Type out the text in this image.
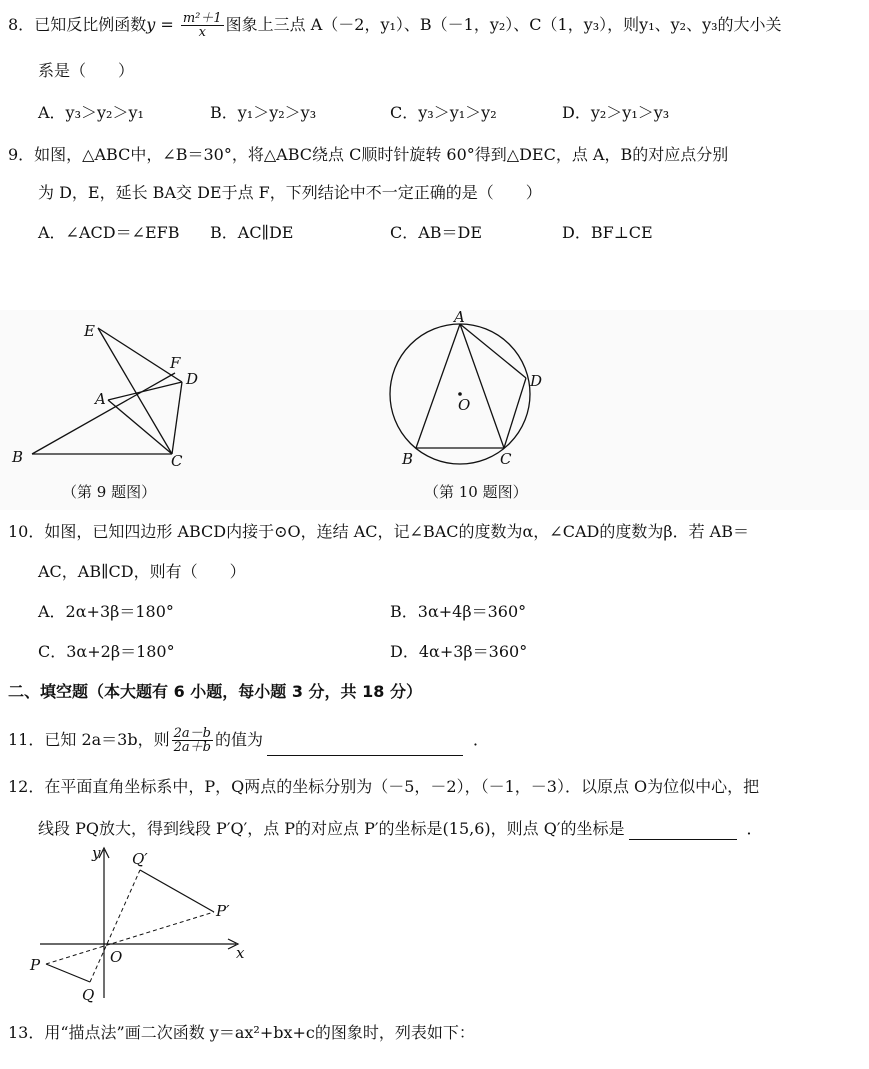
8．已知反比例函数$y = \frac{\text{m²＋1}}{x}$ 图象上三点 A（－2，y₁）、B（－1，y₂）、C（1，y₃），则y₁、y₂、y₃的大小关
系是（　　）
A．y₃＞y₂＞y₁	B．y₁＞y₂＞y₃	C．y₃＞y₁＞y₂	D．y₂＞y₁＞y₃
9．如图，△ABC中，∠B＝30°，将△ABC绕点 C顺时针旋转 60°得到△DEC，点 A，B的对应点分别
为 D，E，延长 BA交 DE于点 F，下列结论中不一定正确的是（　　）
A．∠ACD＝∠EFB B．AC∥DE	C．AB＝DE	D．BF⊥CE
E
F
D
A
B	C
（第 9 题图）
A
D
O
B	C
（第 10 题图）
10．如图，已知四边形 ABCD内接于⊙O，连结 AC，记∠BAC的度数为α，∠CAD的度数为β．若 AB＝
AC，AB∥CD，则有（　　）
A．2α+3β＝180°	B．3α+4β＝360°
C．3α+2β＝180°	D．4α+3β＝360°
二、填空题（本大题有 6 小题，每小题 3 分，共 18 分）
11．已知 2a＝3b，则 $\frac{2a-b}{2a+b}$ 的值为	．
12．在平面直角坐标系中，P，Q两点的坐标分别为（－5，－2），（－1，－3）．以原点 O为位似中心，把
线段 PQ放大，得到线段 P′Q′，点 P的对应点 P′的坐标是(15,6)，则点 Q′的坐标是	．
y
x
O
P
Q
P′
Q′
13．用“描点法”画二次函数 y＝ax²+bx+c的图象时，列表如下：
